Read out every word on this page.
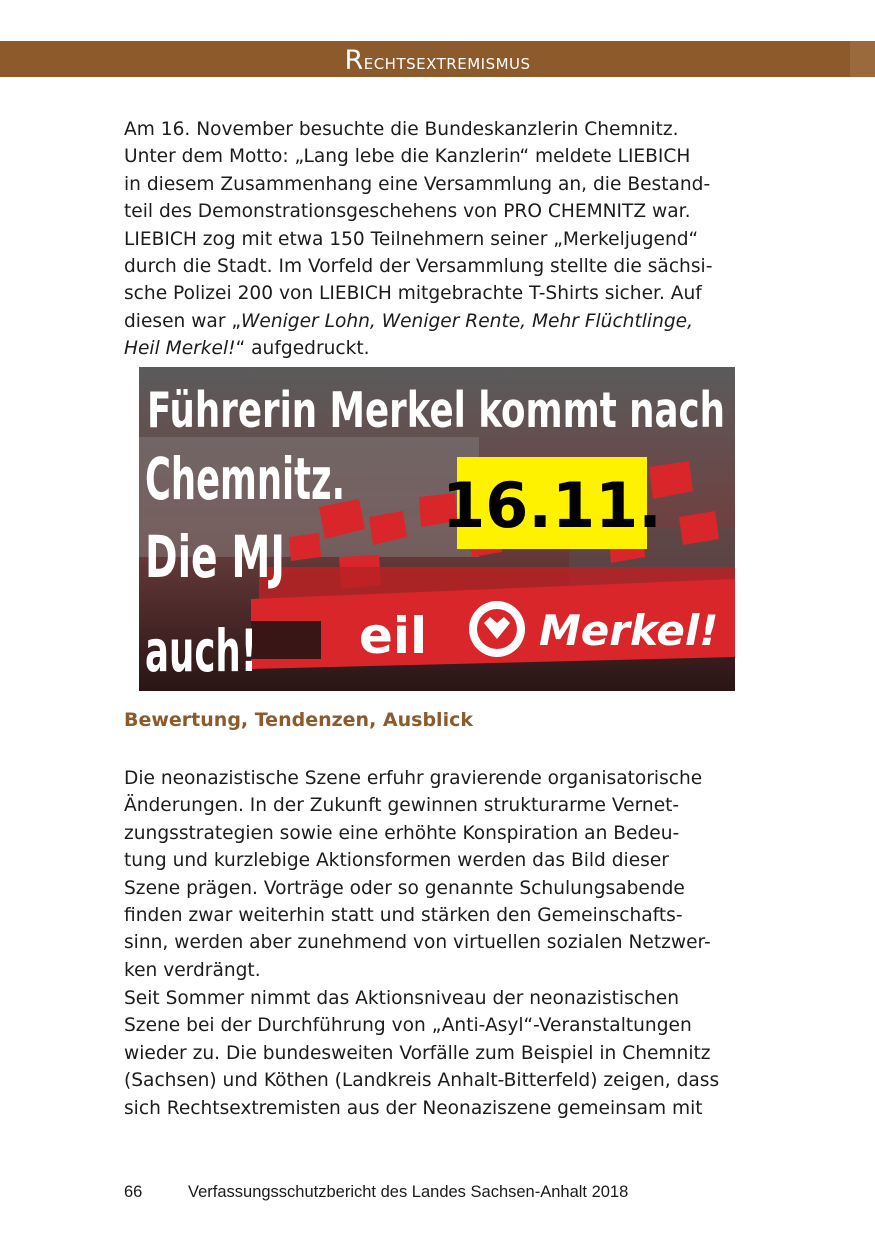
Rechtsextremismus

Am 16. November besuchte die Bundeskanzlerin Chemnitz.
Unter dem Motto: „Lang lebe die Kanzlerin“ meldete LIEBICH
in diesem Zusammenhang eine Versammlung an, die Bestand-
teil des Demonstrationsgeschehens von PRO CHEMNITZ war.
LIEBICH zog mit etwa 150 Teilnehmern seiner „Merkeljugend“
durch die Stadt. Im Vorfeld der Versammlung stellte die sächsi-
sche Polizei 200 von LIEBICH mitgebrachte T-Shirts sicher. Auf
diesen war „Weniger Lohn, Weniger Rente, Mehr Flüchtlinge,
Heil Merkel!“ aufgedruckt.

eil	Merkel!
16.11.
Führerin Merkel kommt nach
Chemnitz.
Die MJ
auch!
Bewertung, Tendenzen, Ausblick

Die neonazistische Szene erfuhr gravierende organisatorische
Änderungen. In der Zukunft gewinnen strukturarme Vernet-
zungsstrategien sowie eine erhöhte Konspiration an Bedeu-
tung und kurzlebige Aktionsformen werden das Bild dieser
Szene prägen. Vorträge oder so genannte Schulungsabende
finden zwar weiterhin statt und stärken den Gemeinschafts-
sinn, werden aber zunehmend von virtuellen sozialen Netzwer-
ken verdrängt.

Seit Sommer nimmt das Aktionsniveau der neonazistischen
Szene bei der Durchführung von „Anti-Asyl“-Veranstaltungen
wieder zu. Die bundesweiten Vorfälle zum Beispiel in Chemnitz
(Sachsen) und Köthen (Landkreis Anhalt-Bitterfeld) zeigen, dass
sich Rechtsextremisten aus der Neonaziszene gemeinsam mit

66	Verfassungsschutzbericht des Landes Sachsen-Anhalt 2018
